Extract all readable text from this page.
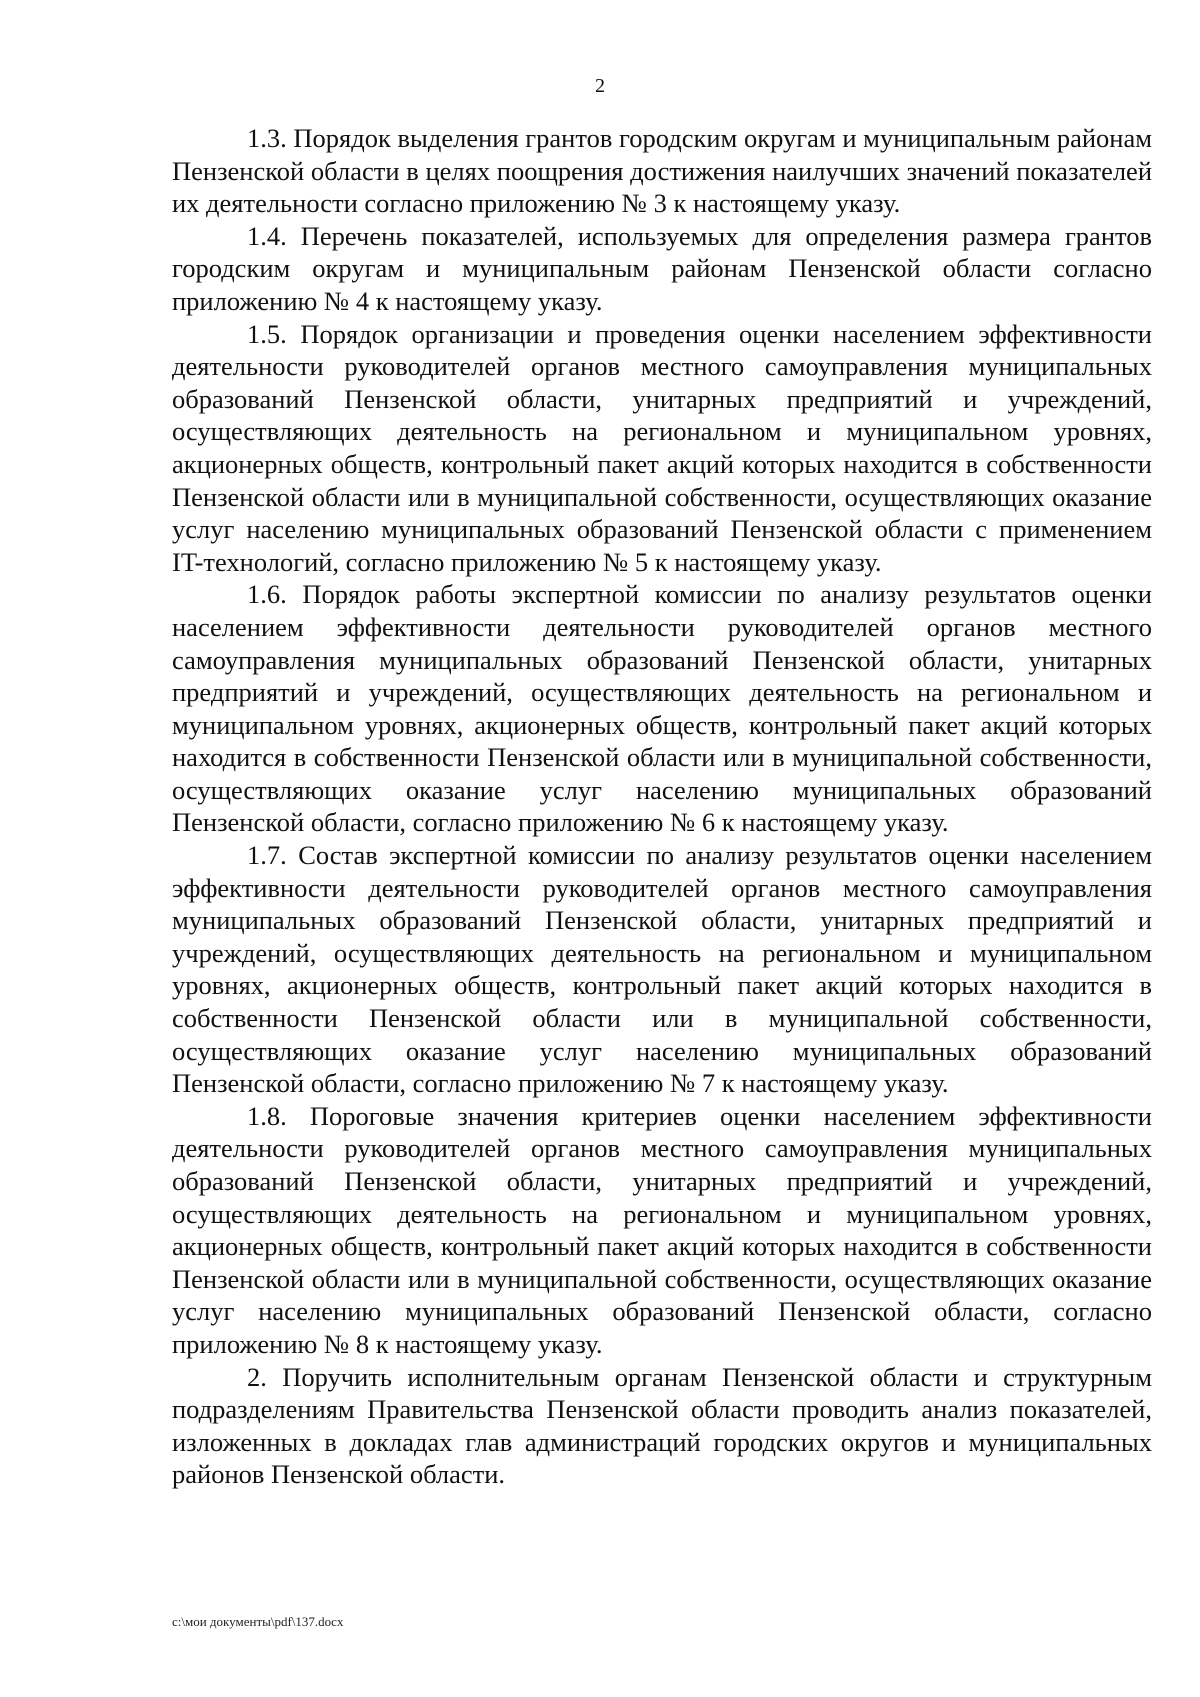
2

1.3. Порядок выделения грантов городским округам и муниципальным районам Пензенской области в целях поощрения достижения наилучших значений показателей их деятельности согласно приложению № 3 к настоящему указу.

1.4. Перечень показателей, используемых для определения размера грантов городским округам и муниципальным районам Пензенской области согласно приложению № 4 к настоящему указу.

1.5. Порядок организации и проведения оценки населением эффективности деятельности руководителей органов местного самоуправления муниципальных образований Пензенской области, унитарных предприятий и учреждений, осуществляющих деятельность на региональном и муниципальном уровнях, акционерных обществ, контрольный пакет акций которых находится в собственности Пензенской области или в муниципальной собственности, осуществляющих оказание услуг населению муниципальных образований Пензенской области с применением IT-технологий, согласно приложению № 5 к настоящему указу.

1.6. Порядок работы экспертной комиссии по анализу результатов оценки населением эффективности деятельности руководителей органов местного самоуправления муниципальных образований Пензенской области, унитарных предприятий и учреждений, осуществляющих деятельность на региональном и муниципальном уровнях, акционерных обществ, контрольный пакет акций которых находится в собственности Пензенской области или в муниципальной собственности, осуществляющих оказание услуг населению муниципальных образований Пензенской области, согласно приложению № 6 к настоящему указу.

1.7. Состав экспертной комиссии по анализу результатов оценки населением эффективности деятельности руководителей органов местного самоуправления муниципальных образований Пензенской области, унитарных предприятий и учреждений, осуществляющих деятельность на региональном и муниципальном уровнях, акционерных обществ, контрольный пакет акций которых находится в собственности Пензенской области или в муниципальной собственности, осуществляющих оказание услуг населению муниципальных образований Пензенской области, согласно приложению № 7 к настоящему указу.

1.8. Пороговые значения критериев оценки населением эффективности деятельности руководителей органов местного самоуправления муниципальных образований Пензенской области, унитарных предприятий и учреждений, осуществляющих деятельность на региональном и муниципальном уровнях, акционерных обществ, контрольный пакет акций которых находится в собственности Пензенской области или в муниципальной собственности, осуществляющих оказание услуг населению муниципальных образований Пензенской области, согласно приложению № 8 к настоящему указу.

2. Поручить исполнительным органам Пензенской области и структурным подразделениям Правительства Пензенской области проводить анализ показателей, изложенных в докладах глав администраций городских округов и муниципальных районов Пензенской области.

c:\мои документы\pdf\137.docx
